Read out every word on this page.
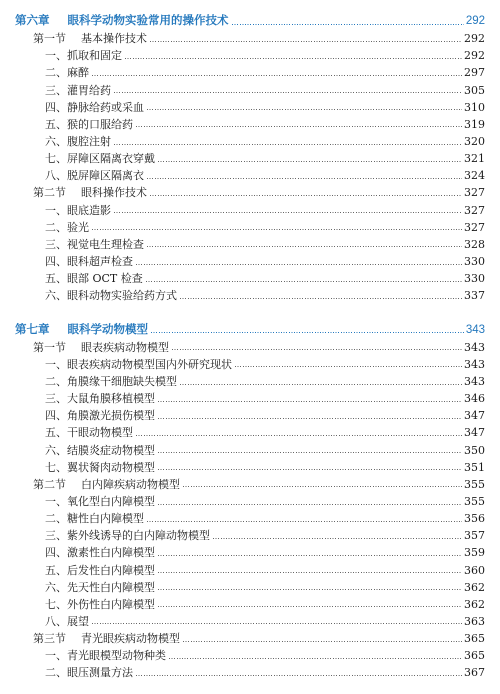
第六章 眼科学动物实验常用的操作技术	292
第一节 基本操作技术	292
一、抓取和固定	292
二、麻醉	297
三、灌胃给药	305
四、静脉给药或采血	310
五、猴的口服给药	319
六、腹腔注射	320
七、屏障区隔离衣穿戴	321
八、脱屏障区隔离衣	324
第二节 眼科操作技术	327
一、眼底造影	327
二、验光	327
三、视觉电生理检查	328
四、眼科超声检查	330
五、眼部 OCT 检查	330
六、眼科动物实验给药方式	337
第七章 眼科学动物模型	343
第一节 眼表疾病动物模型	343
一、眼表疾病动物模型国内外研究现状	343
二、角膜缘干细胞缺失模型	343
三、大鼠角膜移植模型	346
四、角膜激光损伤模型	347
五、干眼动物模型	347
六、结膜炎症动物模型	350
七、翼状胬肉动物模型	351
第二节 白内障疾病动物模型	355
一、氧化型白内障模型	355
二、糖性白内障模型	356
三、紫外线诱导的白内障动物模型	357
四、激素性白内障模型	359
五、后发性白内障模型	360
六、先天性白内障模型	362
七、外伤性白内障模型	362
八、展望	363
第三节 青光眼疾病动物模型	365
一、青光眼模型动物种类	365
二、眼压测量方法	367
